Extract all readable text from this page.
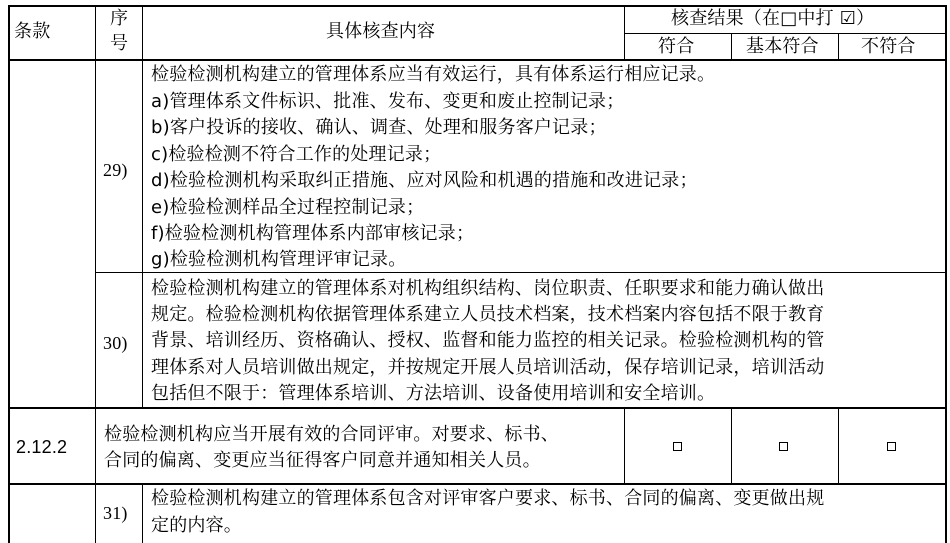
条款
序
号
具体核查内容
核查结果（在□中打 ☑）
符合	基本符合 不符合
29)
检验检测机构建立的管理体系应当有效运行，具有体系运行相应记录。
a)管理体系文件标识、批准、发布、变更和废止控制记录；
b)客户投诉的接收、确认、调查、处理和服务客户记录；
c)检验检测不符合工作的处理记录；
d)检验检测机构采取纠正措施、应对风险和机遇的措施和改进记录；
e)检验检测样品全过程控制记录；
f)检验检测机构管理体系内部审核记录；
g)检验检测机构管理评审记录。
30)
检验检测机构建立的管理体系对机构组织结构、岗位职责、任职要求和能力确认做出
规定。检验检测机构依据管理体系建立人员技术档案，技术档案内容包括不限于教育
背景、培训经历、资格确认、授权、监督和能力监控的相关记录。检验检测机构的管
理体系对人员培训做出规定，并按规定开展人员培训活动，保存培训记录，培训活动
包括但不限于：管理体系培训、方法培训、设备使用培训和安全培训。
2.12.2
检验检测机构应当开展有效的合同评审。对要求、标书、
合同的偏离、变更应当征得客户同意并通知相关人员。
31)
检验检测机构建立的管理体系包含对评审客户要求、标书、合同的偏离、变更做出规
定的内容。
